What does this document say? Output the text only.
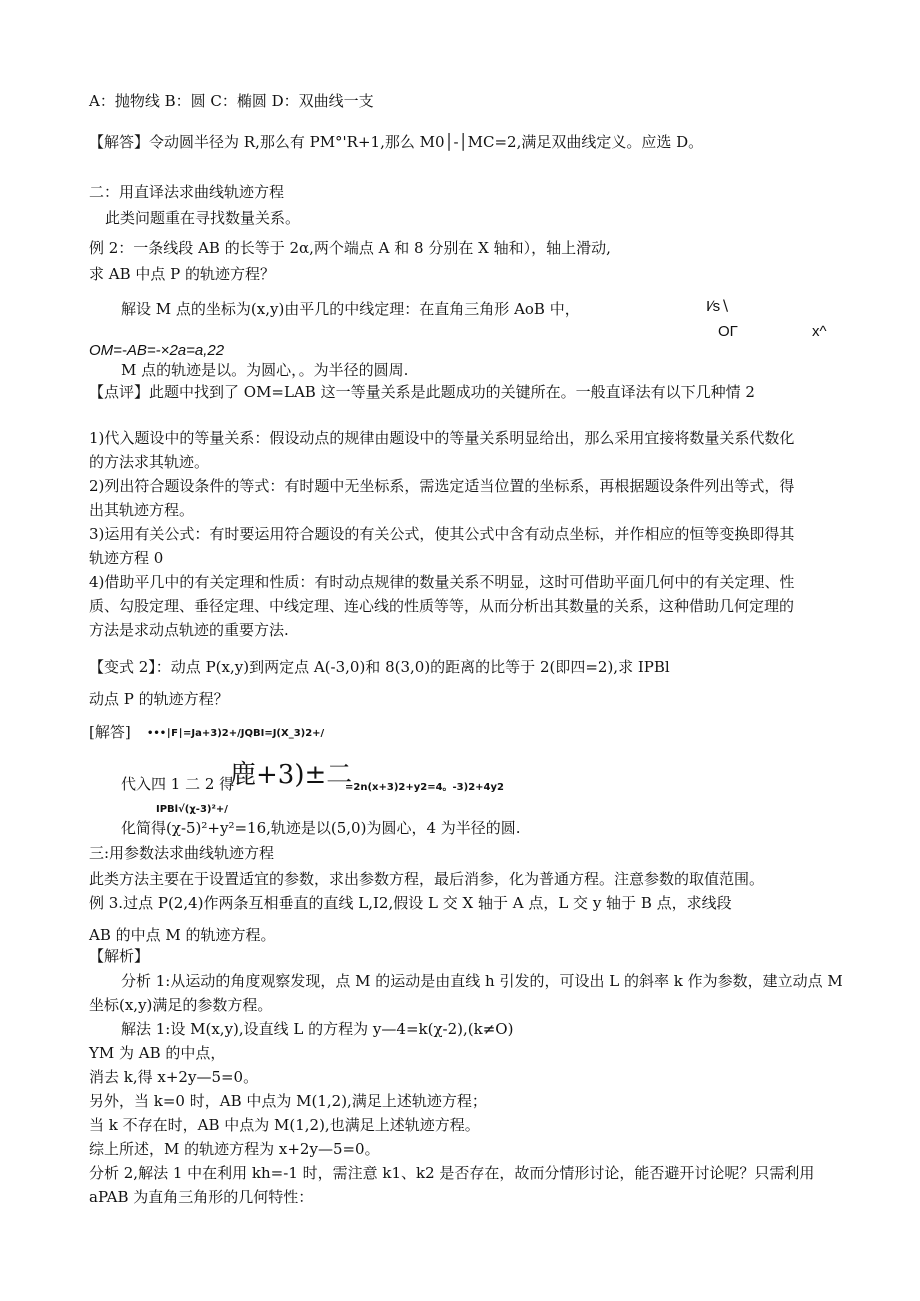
A：抛物线 B：圆 C：椭圆 D：双曲线一支
【解答】令动圆半径为 R,那么有 PM°'R+1,那么 M0│-│MC=2,满足双曲线定义。应选 D。
二：用直译法求曲线轨迹方程
此类问题重在寻找数量关系。
例 2：一条线段 AB 的长等于 2α,两个端点 A 和 8 分别在 X 轴和），轴上滑动,
求 AB 中点 P 的轨迹方程？
解设 M 点的坐标为(x,y)由平几的中线定理：在直角三角形 AoB 中，	I∕s∖
OΓ	x^
OM=-AB=-×2a=a,22
M 点的轨迹是以。为圆心，。为半径的圆周.
【点评】此题中找到了 OM=LAB 这一等量关系是此题成功的关键所在。一般直译法有以下几种情 2
1)代入题设中的等量关系：假设动点的规律由题设中的等量关系明显给出，那么采用宜接将数量关系代数化
的方法求其轨迹。
2)列出符合题设条件的等式：有时题中无坐标系，需选定适当位置的坐标系，再根据题设条件列出等式，得
出其轨迹方程。
3)运用有关公式：有时要运用符合题设的有关公式，使其公式中含有动点坐标，并作相应的恒等变换即得其
轨迹方程 0
4)借助平几中的有关定理和性质：有时动点规律的数量关系不明显，这时可借助平面几何中的有关定理、性
质、勾股定理、垂径定理、中线定理、连心线的性质等等，从而分析出其数量的关系，这种借助几何定理的
方法是求动点轨迹的重要方法.
【变式 2】：动点 P(x,y)到两定点 A(-3,0)和 8(3,0)的距离的比等于 2(即四=2),求 IPBl
动点 P 的轨迹方程？
[解答] •••∣F∣=Ja+3)2+/JQBI=J(X_3)2+/
代入四 1 二 2 得
鹿+3)±二
=2n(x+3)2+y2=4。-3)2+4y2
IPBl√(χ-3)²+/
化简得(χ-5)²+y²=16,轨迹是以(5,0)为圆心，4 为半径的圆.
三:用参数法求曲线轨迹方程
此类方法主要在于设置适宜的参数，求出参数方程，最后消参，化为普通方程。注意参数的取值范围。
例 3.过点 P(2,4)作两条互相垂直的直线 L,I2,假设 L 交 X 轴于 A 点，L 交 y 轴于 B 点，求线段
AB 的中点 M 的轨迹方程。
【解析】
分析 1:从运动的角度观察发现，点 M 的运动是由直线 h 引发的，可设出 L 的斜率 k 作为参数，建立动点 M
坐标(x,y)满足的参数方程。
解法 1:设 M(x,y),设直线 L 的方程为 y—4=k(χ-2),(k≠O)
YM 为 AB 的中点，
消去 k,得 x+2y—5=0。
另外，当 k=0 时，AB 中点为 M(1,2),满足上述轨迹方程；
当 k 不存在时，AB 中点为 M(1,2),也满足上述轨迹方程。
综上所述，M 的轨迹方程为 x+2y—5=0。
分析 2,解法 1 中在利用 kh=-1 时，需注意 k1、k2 是否存在，故而分情形讨论，能否避开讨论呢？只需利用
aPAB 为直角三角形的几何特性：
